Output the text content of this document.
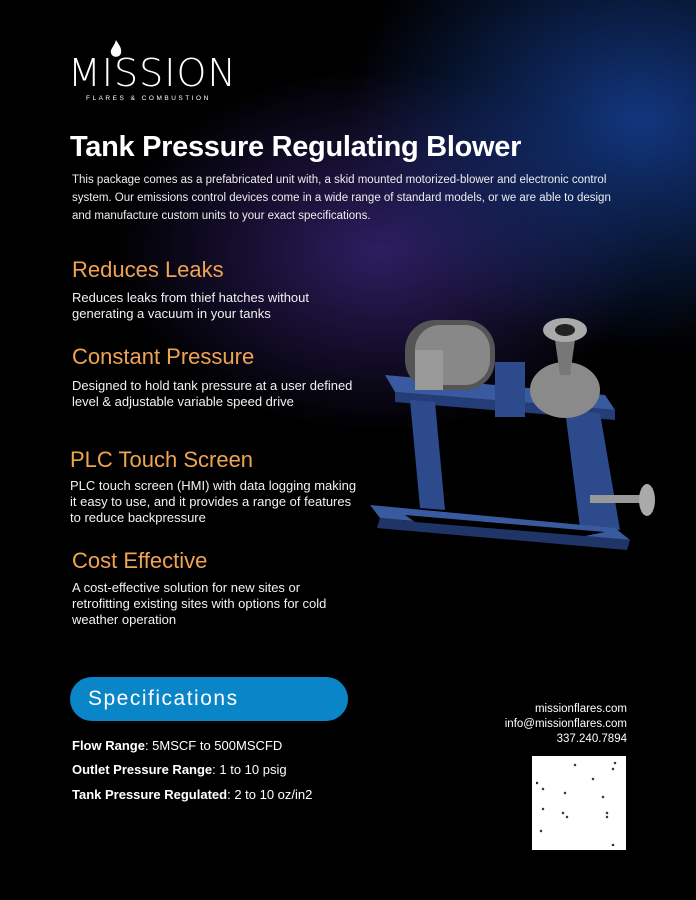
MISSION
FLARES & COMBUSTION
Tank Pressure Regulating Blower
This package comes as a prefabricated unit with, a skid mounted motorized-blower and electronic control system. Our emissions control devices come in a wide range of standard models, or we are able to design and manufacture custom units to your exact specifications.
Reduces Leaks
Reduces leaks from thief hatches without generating a vacuum in your tanks
Constant Pressure
Designed to hold tank pressure at a user defined level & adjustable variable speed drive
PLC Touch Screen
PLC touch screen (HMI) with data logging making it easy to use, and it provides a range of features to reduce backpressure
Cost Effective
A cost-effective solution for new sites or retrofitting existing sites with options for cold weather operation
Specifications
Flow Range: 5MSCF to 500MSCFD
Outlet Pressure Range: 1 to 10 psig
Tank Pressure Regulated: 2 to 10 oz/in2
missionflares.com
info@missionflares.com
337.240.7894
